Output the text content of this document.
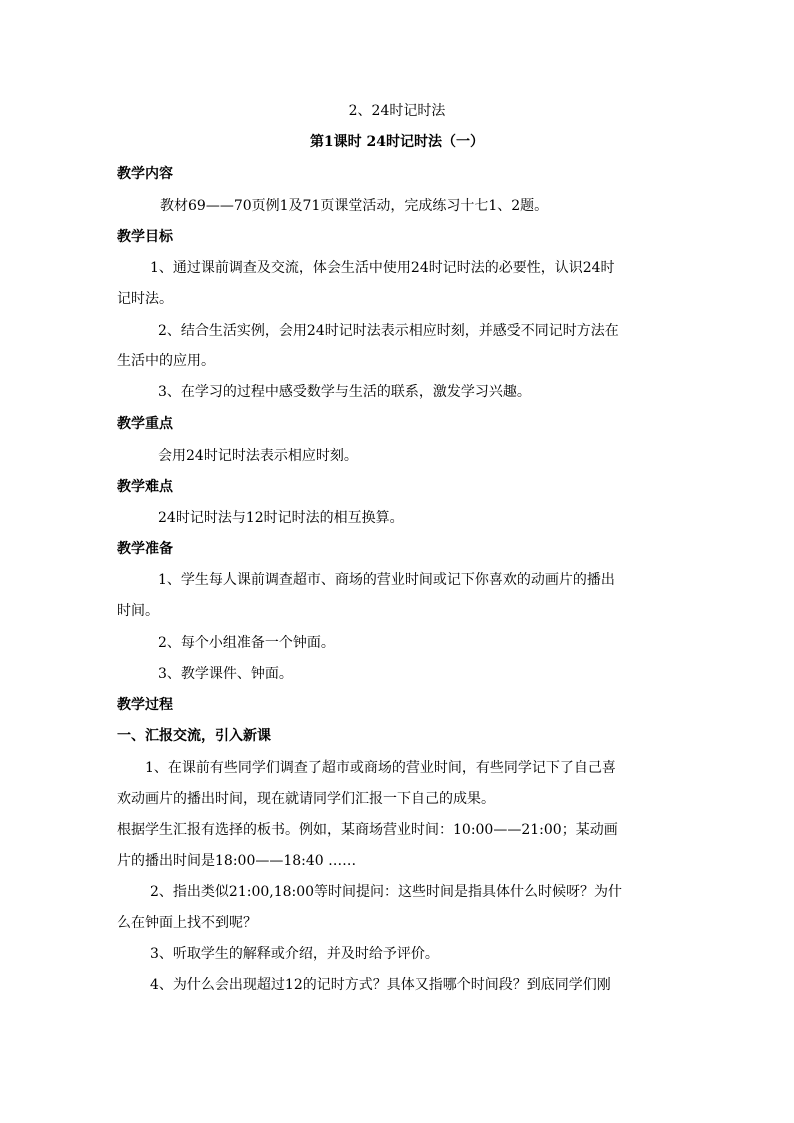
2、24时记时法
第1课时 24时记时法（一）
教学内容
教材69——70页例1及71页课堂活动，完成练习十七1、2题。
教学目标
1、通过课前调查及交流，体会生活中使用24时记时法的必要性，认识24时
记时法。
2、结合生活实例，会用24时记时法表示相应时刻，并感受不同记时方法在
生活中的应用。
3、在学习的过程中感受数学与生活的联系，激发学习兴趣。
教学重点
会用24时记时法表示相应时刻。
教学难点
24时记时法与12时记时法的相互换算。
教学准备
1、学生每人课前调查超市、商场的营业时间或记下你喜欢的动画片的播出
时间。
2、每个小组准备一个钟面。
3、教学课件、钟面。
教学过程
一、汇报交流，引入新课
1、在课前有些同学们调查了超市或商场的营业时间，有些同学记下了自己喜
欢动画片的播出时间，现在就请同学们汇报一下自己的成果。
根据学生汇报有选择的板书。例如，某商场营业时间：10:00——21:00；某动画
片的播出时间是18:00——18:40 ……
2、指出类似21:00,18:00等时间提问：这些时间是指具体什么时候呀？为什
么在钟面上找不到呢？
3、听取学生的解释或介绍，并及时给予评价。
4、为什么会出现超过12的记时方式？具体又指哪个时间段？到底同学们刚
